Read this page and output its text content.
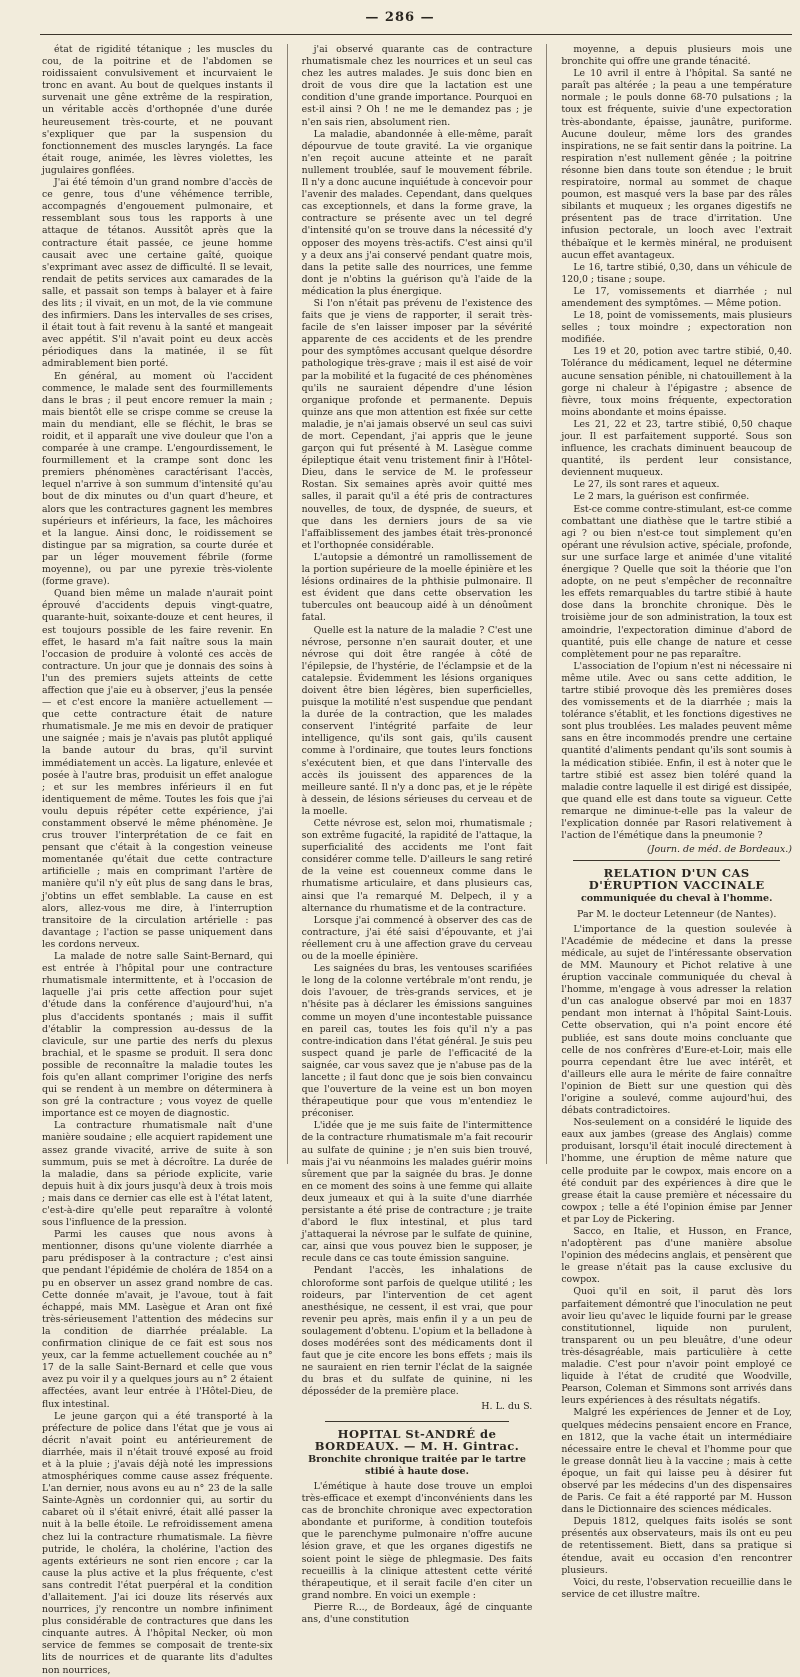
— 286 —

état de rigidité tétanique ; les muscles du cou, de la poitrine et de l'abdomen se roidissaient convulsivement et incurvaient le tronc en avant. Au bout de quelques instants il survenait une gêne extrême de la respiration, un véritable accès d'orthopnée d'une durée heureusement très-courte, et ne pouvant s'expliquer que par la suspension du fonctionnement des muscles laryngés. La face était rouge, animée, les lèvres violettes, les jugulaires gonflées.

J'ai été témoin d'un grand nombre d'accès de ce genre, tous d'une véhémence terrible, accompagnés d'engouement pulmonaire, et ressemblant sous tous les rapports à une attaque de tétanos. Aussitôt après que la contracture était passée, ce jeune homme causait avec une certaine gaîté, quoique s'exprimant avec assez de difficulté. Il se levait, rendait de petits services aux camarades de la salle, et passait son temps à balayer et à faire des lits ; il vivait, en un mot, de la vie commune des infirmiers. Dans les intervalles de ses crises, il était tout à fait revenu à la santé et mangeait avec appétit. S'il n'avait point eu deux accès périodiques dans la matinée, il se fût admirablement bien porté.

En général, au moment où l'accident commence, le malade sent des fourmillements dans le bras ; il peut encore remuer la main ; mais bientôt elle se crispe comme se creuse la main du mendiant, elle se fléchit, le bras se roidit, et il apparaît une vive douleur que l'on a comparée à une crampe. L'engourdissement, le fourmillement et la crampe sont donc les premiers phénomènes caractérisant l'accès, lequel n'arrive à son summum d'intensité qu'au bout de dix minutes ou d'un quart d'heure, et alors que les contractures gagnent les membres supérieurs et inférieurs, la face, les mâchoires et la langue. Ainsi donc, le roidissement se distingue par sa migration, sa courte durée et par un léger mouvement fébrile (forme moyenne), ou par une pyrexie très-violente (forme grave).

Quand bien même un malade n'aurait point éprouvé d'accidents depuis vingt-quatre, quarante-huit, soixante-douze et cent heures, il est toujours possible de les faire revenir. En effet, le hasard m'a fait naître sous la main l'occasion de produire à volonté ces accès de contracture. Un jour que je donnais des soins à l'un des premiers sujets atteints de cette affection que j'aie eu à observer, j'eus la pensée — et c'est encore la manière actuellement — que cette contracture était de nature rhumatismale. Je me mis en devoir de pratiquer une saignée ; mais je n'avais pas plutôt appliqué la bande autour du bras, qu'il survint immédiatement un accès. La ligature, enlevée et posée à l'autre bras, produisit un effet analogue ; et sur les membres inférieurs il en fut identiquement de même. Toutes les fois que j'ai voulu depuis répéter cette expérience, j'ai constamment observé le même phénomène. Je crus trouver l'interprétation de ce fait en pensant que c'était à la congestion veineuse momentanée qu'était due cette contracture artificielle ; mais en comprimant l'artère de manière qu'il n'y eût plus de sang dans le bras, j'obtins un effet semblable. La cause en est alors, allez-vous me dire, à l'interruption transitoire de la circulation artérielle : pas davantage ; l'action se passe uniquement dans les cordons nerveux.

La malade de notre salle Saint-Bernard, qui est entrée à l'hôpital pour une contracture rhumatismale intermittente, et à l'occasion de laquelle j'ai pris cette affection pour sujet d'étude dans la conférence d'aujourd'hui, n'a plus d'accidents spontanés ; mais il suffit d'établir la compression au-dessus de la clavicule, sur une partie des nerfs du plexus brachial, et le spasme se produit. Il sera donc possible de reconnaître la maladie toutes les fois qu'en allant comprimer l'origine des nerfs qui se rendent à un membre on déterminera à son gré la contracture ; vous voyez de quelle importance est ce moyen de diagnostic.

La contracture rhumatismale naît d'une manière soudaine ; elle acquiert rapidement une assez grande vivacité, arrive de suite à son summum, puis se met à décroître. La durée de la maladie, dans sa période explicite, varie depuis huit à dix jours jusqu'à deux à trois mois ; mais dans ce dernier cas elle est à l'état latent, c'est-à-dire qu'elle peut reparaître à volonté sous l'influence de la pression.

Parmi les causes que nous avons à mentionner, disons qu'une violente diarrhée a paru prédisposer à la contracture ; c'est ainsi que pendant l'épidémie de choléra de 1854 on a pu en observer un assez grand nombre de cas. Cette donnée m'avait, je l'avoue, tout à fait échappé, mais MM. Lasègue et Aran ont fixé très-sérieusement l'attention des médecins sur la condition de diarrhée préalable. La confirmation clinique de ce fait est sous nos yeux, car la femme actuellement couchée au n° 17 de la salle Saint-Bernard et celle que vous avez pu voir il y a quelques jours au n° 2 étaient affectées, avant leur entrée à l'Hôtel-Dieu, de flux intestinal.

Le jeune garçon qui a été transporté à la préfecture de police dans l'état que je vous ai décrit n'avait point eu antérieurement de diarrhée, mais il n'était trouvé exposé au froid et à la pluie ; j'avais déjà noté les impressions atmosphériques comme cause assez fréquente. L'an dernier, nous avons eu au n° 23 de la salle Sainte-Agnès un cordonnier qui, au sortir du cabaret où il s'était enivré, était allé passer la nuit à la belle étoile. Le refroidissement amena chez lui la contracture rhumatismale. La fièvre putride, le choléra, la cholérine, l'action des agents extérieurs ne sont rien encore ; car la cause la plus active et la plus fréquente, c'est sans contredit l'état puerpéral et la condition d'allaitement. J'ai ici douze lits réservés aux nourrices, j'y rencontre un nombre infiniment plus considérable de contractures que dans les cinquante autres. À l'hôpital Necker, où mon service de femmes se composait de trente-six lits de nourrices et de quarante lits d'adultes non nourrices,

j'ai observé quarante cas de contracture rhumatismale chez les nourrices et un seul cas chez les autres malades. Je suis donc bien en droit de vous dire que la lactation est une condition d'une grande importance. Pourquoi en est-il ainsi ? Oh ! ne me le demandez pas ; je n'en sais rien, absolument rien.

La maladie, abandonnée à elle-même, paraît dépourvue de toute gravité. La vie organique n'en reçoit aucune atteinte et ne paraît nullement troublée, sauf le mouvement fébrile. Il n'y a donc aucune inquiétude à concevoir pour l'avenir des malades. Cependant, dans quelques cas exceptionnels, et dans la forme grave, la contracture se présente avec un tel degré d'intensité qu'on se trouve dans la nécessité d'y opposer des moyens très-actifs. C'est ainsi qu'il y a deux ans j'ai conservé pendant quatre mois, dans la petite salle des nourrices, une femme dont je n'obtins la guérison qu'à l'aide de la médication la plus énergique.

Si l'on n'était pas prévenu de l'existence des faits que je viens de rapporter, il serait très-facile de s'en laisser imposer par la sévérité apparente de ces accidents et de les prendre pour des symptômes accusant quelque désordre pathologique très-grave ; mais il est aisé de voir par la mobilité et la fugacité de ces phénomènes qu'ils ne sauraient dépendre d'une lésion organique profonde et permanente. Depuis quinze ans que mon attention est fixée sur cette maladie, je n'ai jamais observé un seul cas suivi de mort. Cependant, j'ai appris que le jeune garçon qui fut présenté à M. Lasègue comme épileptique était venu tristement finir à l'Hôtel-Dieu, dans le service de M. le professeur Rostan. Six semaines après avoir quitté mes salles, il parait qu'il a été pris de contractures nouvelles, de toux, de dyspnée, de sueurs, et que dans les derniers jours de sa vie l'affaiblissement des jambes était très-prononcé et l'orthopnée considérable.

L'autopsie a démontré un ramollissement de la portion supérieure de la moelle épinière et les lésions ordinaires de la phthisie pulmonaire. Il est évident que dans cette observation les tubercules ont beaucoup aidé à un dénoûment fatal.

Quelle est la nature de la maladie ? C'est une névrose, personne n'en saurait douter, et une névrose qui doit être rangée à côté de l'épilepsie, de l'hystérie, de l'éclampsie et de la catalepsie. Évidemment les lésions organiques doivent être bien légères, bien superficielles, puisque la motilité n'est suspendue que pendant la durée de la contraction, que les malades conservent l'intégrité parfaite de leur intelligence, qu'ils sont gais, qu'ils causent comme à l'ordinaire, que toutes leurs fonctions s'exécutent bien, et que dans l'intervalle des accès ils jouissent des apparences de la meilleure santé. Il n'y a donc pas, et je le répète à dessein, de lésions sérieuses du cerveau et de la moelle.

Cette névrose est, selon moi, rhumatismale ; son extrême fugacité, la rapidité de l'attaque, la superficialité des accidents me l'ont fait considérer comme telle. D'ailleurs le sang retiré de la veine est couenneux comme dans le rhumatisme articulaire, et dans plusieurs cas, ainsi que l'a remarqué M. Delpech, il y a alternance du rhumatisme et de la contracture.

Lorsque j'ai commencé à observer des cas de contracture, j'ai été saisi d'épouvante, et j'ai réellement cru à une affection grave du cerveau ou de la moelle épinière.

Les saignées du bras, les ventouses scarifiées le long de la colonne vertébrale m'ont rendu, je dois l'avouer, de très-grands services, et je n'hésite pas à déclarer les émissions sanguines comme un moyen d'une incontestable puissance en pareil cas, toutes les fois qu'il n'y a pas contre-indication dans l'état général. Je suis peu suspect quand je parle de l'efficacité de la saignée, car vous savez que je n'abuse pas de la lancette ; il faut donc que je sois bien convaincu que l'ouverture de la veine est un bon moyen thérapeutique pour que vous m'entendiez le préconiser.

L'idée que je me suis faite de l'intermittence de la contracture rhumatismale m'a fait recourir au sulfate de quinine ; je n'en suis bien trouvé, mais j'ai vu néanmoins les malades guérir moins sûrement que par la saignée du bras. Je donne en ce moment des soins à une femme qui allaite deux jumeaux et qui à la suite d'une diarrhée persistante a été prise de contracture ; je traite d'abord le flux intestinal, et plus tard j'attaquerai la névrose par le sulfate de quinine, car, ainsi que vous pouvez bien le supposer, je recule dans ce cas toute émission sanguine.

Pendant l'accès, les inhalations de chloroforme sont parfois de quelque utilité ; les roideurs, par l'intervention de cet agent anesthésique, ne cessent, il est vrai, que pour revenir peu après, mais enfin il y a un peu de soulagement d'obtenu. L'opium et la belladone à doses modérées sont des médicaments dont il faut que je cite encore les bons effets ; mais ils ne sauraient en rien ternir l'éclat de la saignée du bras et du sulfate de quinine, ni les déposséder de la première place.

H. L. du S.
HOPITAL St-ANDRÉ de BORDEAUX. — M. H. Gintrac.
Bronchite chronique traitée par le tartre stibié à haute dose.

L'émétique à haute dose trouve un emploi très-efficace et exempt d'inconvénients dans les cas de bronchite chronique avec expectoration abondante et puriforme, à condition toutefois que le parenchyme pulmonaire n'offre aucune lésion grave, et que les organes digestifs ne soient point le siège de phlegmasie. Des faits recueillis à la clinique attestent cette vérité thérapeutique, et il serait facile d'en citer un grand nombre. En voici un exemple :

Pierre R..., de Bordeaux, âgé de cinquante ans, d'une constitution

moyenne, a depuis plusieurs mois une bronchite qui offre une grande ténacité.

Le 10 avril il entre à l'hôpital. Sa santé ne paraît pas altérée ; la peau a une température normale ; le pouls donne 68-70 pulsations ; la toux est fréquente, suivie d'une expectoration très-abondante, épaisse, jaunâtre, puriforme. Aucune douleur, même lors des grandes inspirations, ne se fait sentir dans la poitrine. La respiration n'est nullement gênée ; la poitrine résonne bien dans toute son étendue ; le bruit respiratoire, normal au sommet de chaque poumon, est masqué vers la base par des râles sibilants et muqueux ; les organes digestifs ne présentent pas de trace d'irritation. Une infusion pectorale, un looch avec l'extrait thébaïque et le kermès minéral, ne produisent aucun effet avantageux.

Le 16, tartre stibié, 0,30, dans un véhicule de 120,0 ; tisane ; soupe.

Le 17, vomissements et diarrhée ; nul amendement des symptômes. — Même potion.

Le 18, point de vomissements, mais plusieurs selles ; toux moindre ; expectoration non modifiée.

Les 19 et 20, potion avec tartre stibié, 0,40. Tolérance du médicament, lequel ne détermine aucune sensation pénible, ni chatouillement à la gorge ni chaleur à l'épigastre ; absence de fièvre, toux moins fréquente, expectoration moins abondante et moins épaisse.

Les 21, 22 et 23, tartre stibié, 0,50 chaque jour. Il est parfaitement supporté. Sous son influence, les crachats diminuent beaucoup de quantité, ils perdent leur consistance, deviennent muqueux.

Le 27, ils sont rares et aqueux.

Le 2 mars, la guérison est confirmée.

Est-ce comme contre-stimulant, est-ce comme combattant une diathèse que le tartre stibié a agi ? ou bien n'est-ce tout simplement qu'en opérant une révulsion active, spéciale, profonde, sur une surface large et animée d'une vitalité énergique ? Quelle que soit la théorie que l'on adopte, on ne peut s'empêcher de reconnaître les effets remarquables du tartre stibié à haute dose dans la bronchite chronique. Dès le troisième jour de son administration, la toux est amoindrie, l'expectoration diminue d'abord de quantité, puis elle change de nature et cesse complètement pour ne pas reparaître.

L'association de l'opium n'est ni nécessaire ni même utile. Avec ou sans cette addition, le tartre stibié provoque dès les premières doses des vomissements et de la diarrhée ; mais la tolérance s'établit, et les fonctions digestives ne sont plus troublées. Les malades peuvent même sans en être incommodés prendre une certaine quantité d'aliments pendant qu'ils sont soumis à la médication stibiée. Enfin, il est à noter que le tartre stibié est assez bien toléré quand la maladie contre laquelle il est dirigé est dissipée, que quand elle est dans toute sa vigueur. Cette remarque ne diminue-t-elle pas la valeur de l'explication donnée par Rasori relativement à l'action de l'émétique dans la pneumonie ?

(Journ. de méd. de Bordeaux.)
RELATION D'UN CAS D'ÉRUPTION VACCINALE
communiquée du cheval à l'homme.
Par M. le docteur Letenneur (de Nantes).

L'importance de la question soulevée à l'Académie de médecine et dans la presse médicale, au sujet de l'intéressante observation de MM. Maunoury et Pichot relative à une éruption vaccinale communiquée du cheval à l'homme, m'engage à vous adresser la relation d'un cas analogue observé par moi en 1837 pendant mon internat à l'hôpital Saint-Louis. Cette observation, qui n'a point encore été publiée, est sans doute moins concluante que celle de nos confrères d'Eure-et-Loir, mais elle pourra cependant être lue avec intérêt, et d'ailleurs elle aura le mérite de faire connaître l'opinion de Biett sur une question qui dès l'origine a soulevé, comme aujourd'hui, des débats contradictoires.

Nos-seulement on a considéré le liquide des eaux aux jambes (grease des Anglais) comme produisant, lorsqu'il était inoculé directement à l'homme, une éruption de même nature que celle produite par le cowpox, mais encore on a été conduit par des expériences à dire que le grease était la cause première et nécessaire du cowpox ; telle a été l'opinion émise par Jenner et par Loy de Pickering.

Sacco, en Italie, et Husson, en France, n'adoptèrent pas d'une manière absolue l'opinion des médecins anglais, et pensèrent que le grease n'était pas la cause exclusive du cowpox.

Quoi qu'il en soit, il parut dès lors parfaitement démontré que l'inoculation ne peut avoir lieu qu'avec le liquide fourni par le grease constitutionnel, liquide non purulent, transparent ou un peu bleuâtre, d'une odeur très-désagréable, mais particulière à cette maladie. C'est pour n'avoir point employé ce liquide à l'état de crudité que Woodville, Pearson, Coleman et Simmons sont arrivés dans leurs expériences à des résultats négatifs.

Malgré les expériences de Jenner et de Loy, quelques médecins pensaient encore en France, en 1812, que la vache était un intermédiaire nécessaire entre le cheval et l'homme pour que le grease donnât lieu à la vaccine ; mais à cette époque, un fait qui laisse peu à désirer fut observé par les médecins d'un des dispensaires de Paris. Ce fait a été rapporté par M. Husson dans le Dictionnaire des sciences médicales.

Depuis 1812, quelques faits isolés se sont présentés aux observateurs, mais ils ont eu peu de retentissement. Biett, dans sa pratique si étendue, avait eu occasion d'en rencontrer plusieurs.

Voici, du reste, l'observation recueillie dans le service de cet illustre maître.
